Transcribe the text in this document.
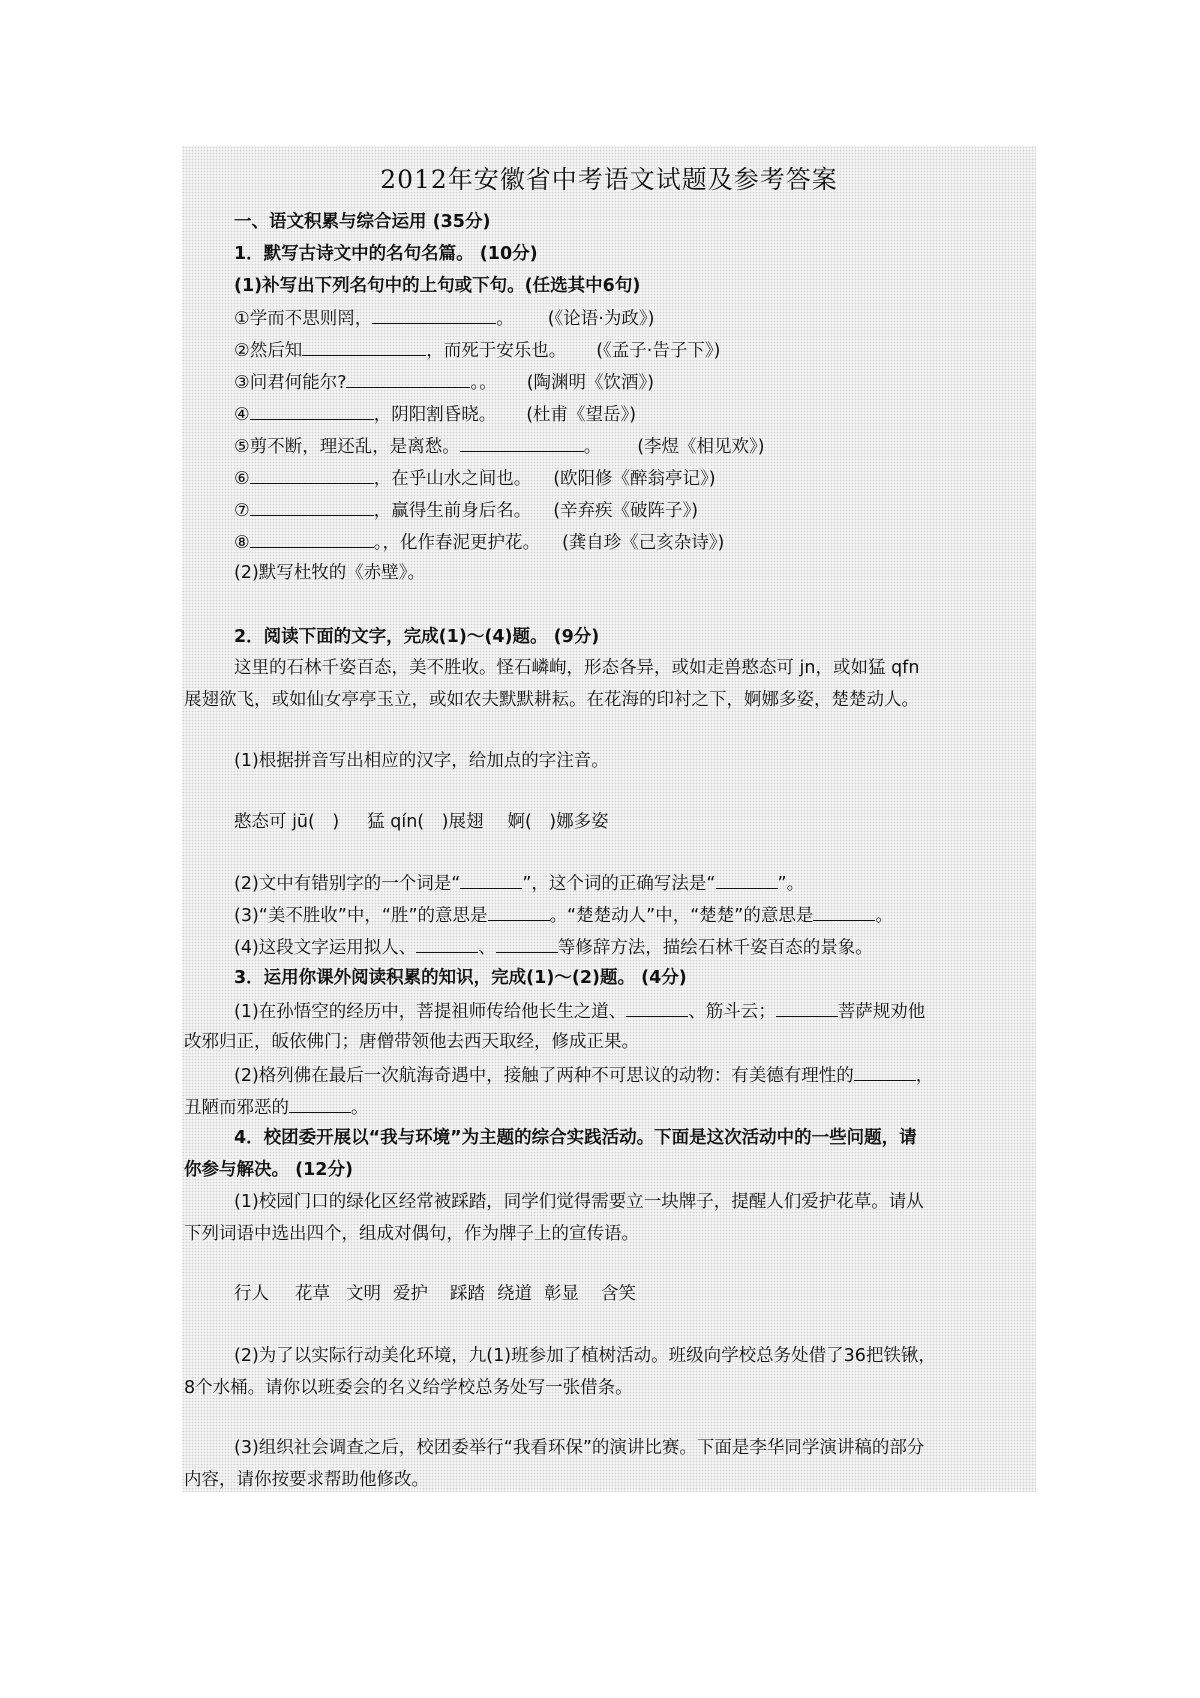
2012年安徽省中考语文试题及参考答案
一、语文积累与综合运用 (35分)
1．默写古诗文中的名句名篇。 (10分)
(1)补写出下列名句中的上句或下句。(任选其中6句)
①学而不思则罔，	。 (《论语·为政》)
②然后知	，而死于安乐也。 (《孟子·告子下》)
③问君何能尔?	。。 (陶渊明《饮酒》)
④	，阴阳割昏晓。 (杜甫《望岳》)
⑤剪不断，理还乱，是离愁。	。 (李煜《相见欢》)
⑥	，在乎山水之间也。 (欧阳修《醉翁亭记》)
⑦	，赢得生前身后名。 (辛弃疾《破阵子》)
⑧	。，化作春泥更护花。 (龚自珍《己亥杂诗》)
(2)默写杜牧的《赤壁》。
2．阅读下面的文字，完成(1)～(4)题。 (9分)
这里的石林千姿百态，美不胜收。怪石嶙峋，形态各异，或如走兽憨态可 jn，或如猛 qfn
展翅欲飞，或如仙女亭亭玉立，或如农夫默默耕耘。在花海的印衬之下，婀娜多姿，楚楚动人。
(1)根据拼音写出相应的汉字，给加点的字注音。
憨态可 jū(　) 猛 qín(　)展翅 婀(　)娜多姿
(2)文中有错别字的一个词是“	”，这个词的正确写法是“	”。
(3)“美不胜收”中，“胜”的意思是	。“楚楚动人”中，“楚楚”的意思是	。
(4)这段文字运用拟人、	、	等修辞方法，描绘石林千姿百态的景象。
3．运用你课外阅读积累的知识，完成(1)～(2)题。 (4分)
(1)在孙悟空的经历中，菩提祖师传给他长生之道、	、筋斗云；	菩萨规劝他
改邪归正，皈依佛门；唐僧带领他去西天取经，修成正果。
(2)格列佛在最后一次航海奇遇中，接触了两种不可思议的动物：有美德有理性的	，
丑陋而邪恶的	。
4．校团委开展以“我与环境”为主题的综合实践活动。下面是这次活动中的一些问题，请
你参与解决。 (12分)
(1)校园门口的绿化区经常被踩踏，同学们觉得需要立一块牌子，提醒人们爱护花草。请从
下列词语中选出四个，组成对偶句，作为牌子上的宣传语。
行人 花草 文明 爱护 踩踏 绕道 彰显 含笑
(2)为了以实际行动美化环境，九(1)班参加了植树活动。班级向学校总务处借了36把铁锹，
8个水桶。请你以班委会的名义给学校总务处写一张借条。
(3)组织社会调查之后，校团委举行“我看环保”的演讲比赛。下面是李华同学演讲稿的部分
内容，请你按要求帮助他修改。
